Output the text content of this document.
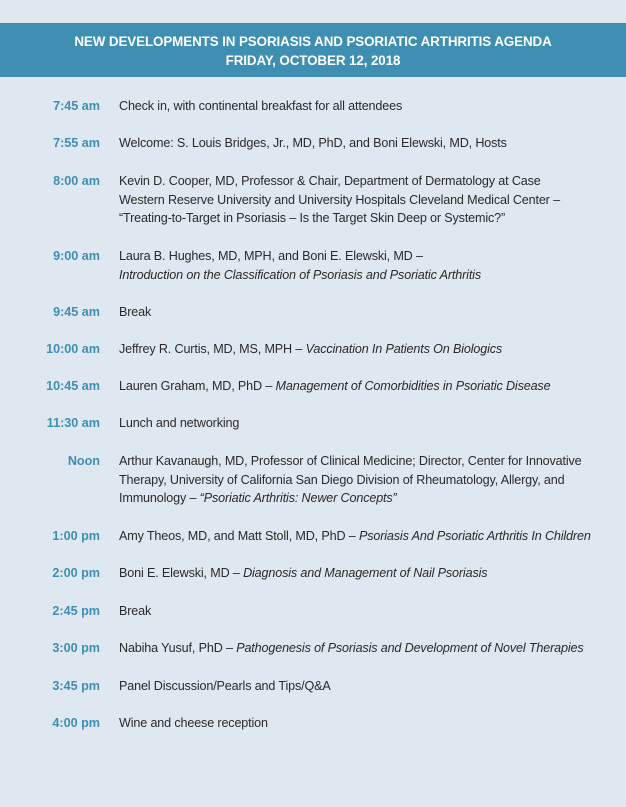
NEW DEVELOPMENTS IN PSORIASIS AND PSORIATIC ARTHRITIS AGENDA
FRIDAY, OCTOBER 12, 2018
7:45 am Check in, with continental breakfast for all attendees
7:55 am Welcome: S. Louis Bridges, Jr., MD, PhD, and Boni Elewski, MD, Hosts
8:00 am Kevin D. Cooper, MD, Professor & Chair, Department of Dermatology at Case
Western Reserve University and University Hospitals Cleveland Medical Center –
“Treating-to-Target in Psoriasis – Is the Target Skin Deep or Systemic?”
9:00 am Laura B. Hughes, MD, MPH, and Boni E. Elewski, MD –
Introduction on the Classification of Psoriasis and Psoriatic Arthritis
9:45 am Break
10:00 am Jeffrey R. Curtis, MD, MS, MPH – Vaccination In Patients On Biologics
10:45 am Lauren Graham, MD, PhD – Management of Comorbidities in Psoriatic Disease
11:30 am Lunch and networking
Noon Arthur Kavanaugh, MD, Professor of Clinical Medicine; Director, Center for Innovative
Therapy, University of California San Diego Division of Rheumatology, Allergy, and
Immunology – “Psoriatic Arthritis: Newer Concepts”
1:00 pm Amy Theos, MD, and Matt Stoll, MD, PhD – Psoriasis And Psoriatic Arthritis In Children
2:00 pm Boni E. Elewski, MD – Diagnosis and Management of Nail Psoriasis
2:45 pm Break
3:00 pm Nabiha Yusuf, PhD – Pathogenesis of Psoriasis and Development of Novel Therapies
3:45 pm Panel Discussion/Pearls and Tips/Q&A
4:00 pm Wine and cheese reception
